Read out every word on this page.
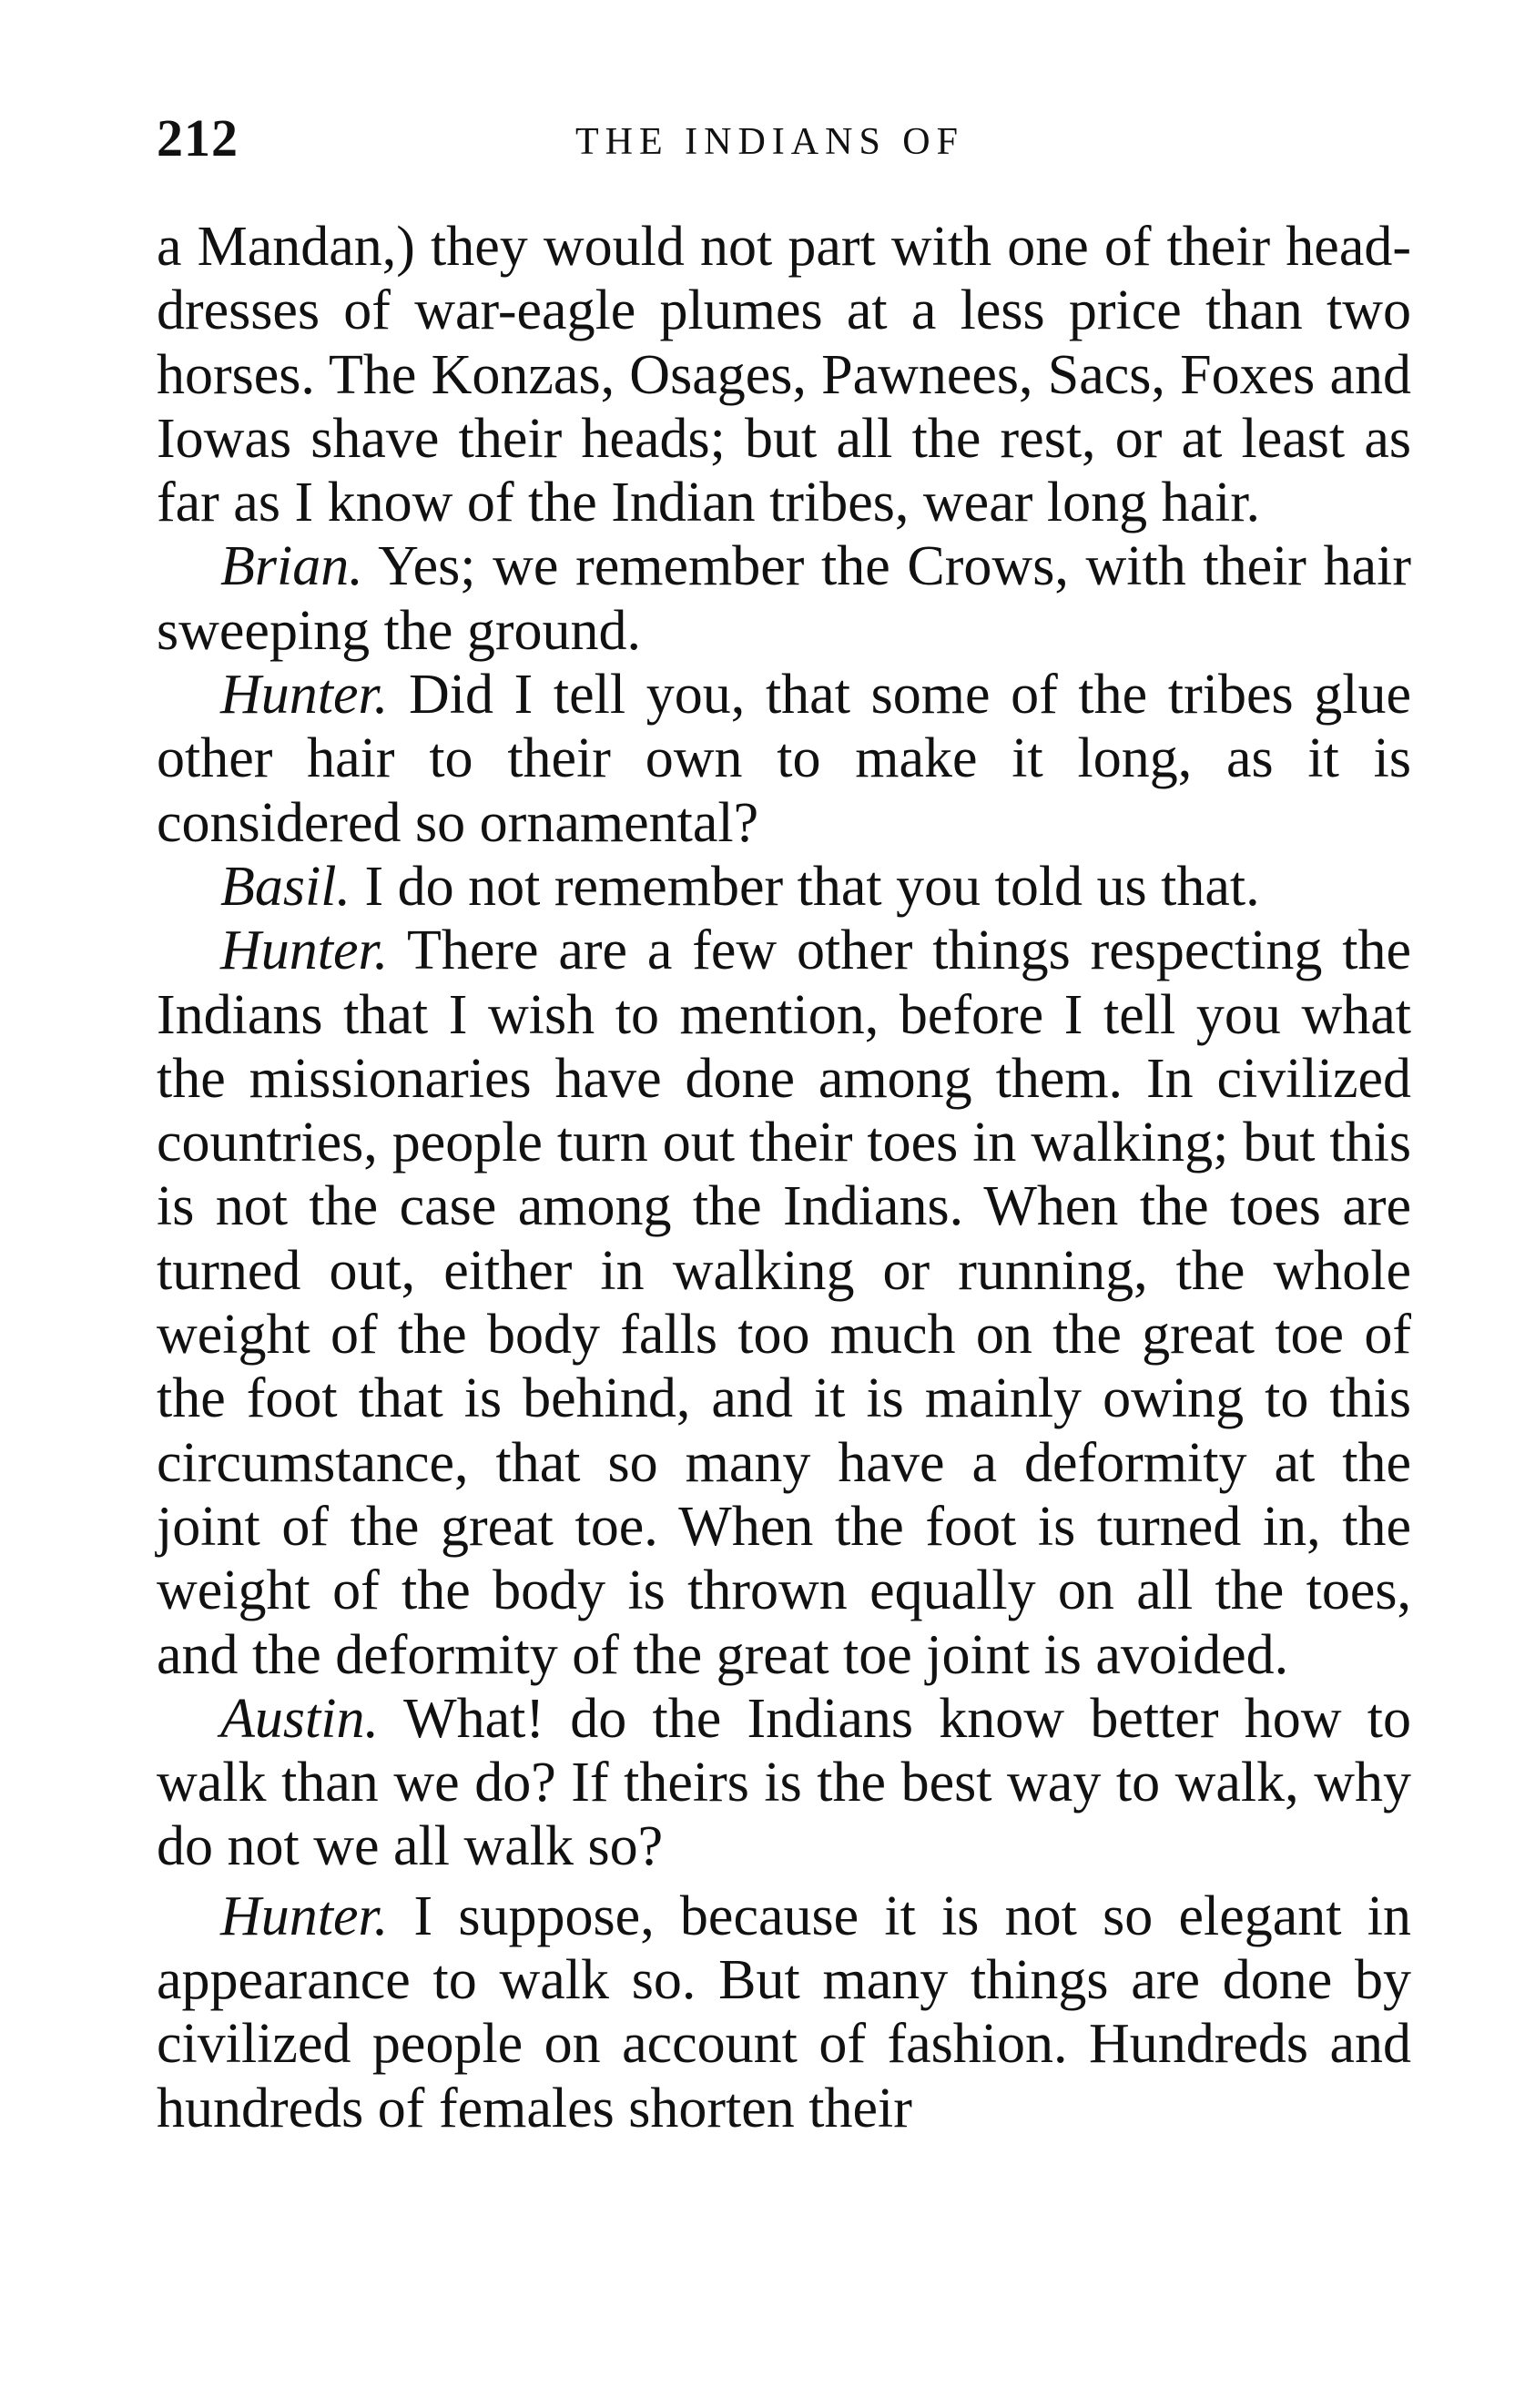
212	THE INDIANS OF

a Mandan,) they would not part with one of their head-dresses of war-eagle plumes at a less price than two horses. The Konzas, Osages, Pawnees, Sacs, Foxes and Iowas shave their heads; but all the rest, or at least as far as I know of the Indian tribes, wear long hair.

Brian. Yes; we remember the Crows, with their hair sweeping the ground.

Hunter. Did I tell you, that some of the tribes glue other hair to their own to make it long, as it is considered so ornamental?

Basil. I do not remember that you told us that.

Hunter. There are a few other things respecting the Indians that I wish to mention, before I tell you what the missionaries have done among them. In civilized countries, people turn out their toes in walking; but this is not the case among the Indians. When the toes are turned out, either in walking or running, the whole weight of the body falls too much on the great toe of the foot that is behind, and it is mainly owing to this circumstance, that so many have a deformity at the joint of the great toe. When the foot is turned in, the weight of the body is thrown equally on all the toes, and the deformity of the great toe joint is avoided.

Austin. What! do the Indians know better how to walk than we do? If theirs is the best way to walk, why do not we all walk so?

Hunter. I suppose, because it is not so elegant in appearance to walk so. But many things are done by civilized people on account of fashion. Hundreds and hundreds of females shorten their
